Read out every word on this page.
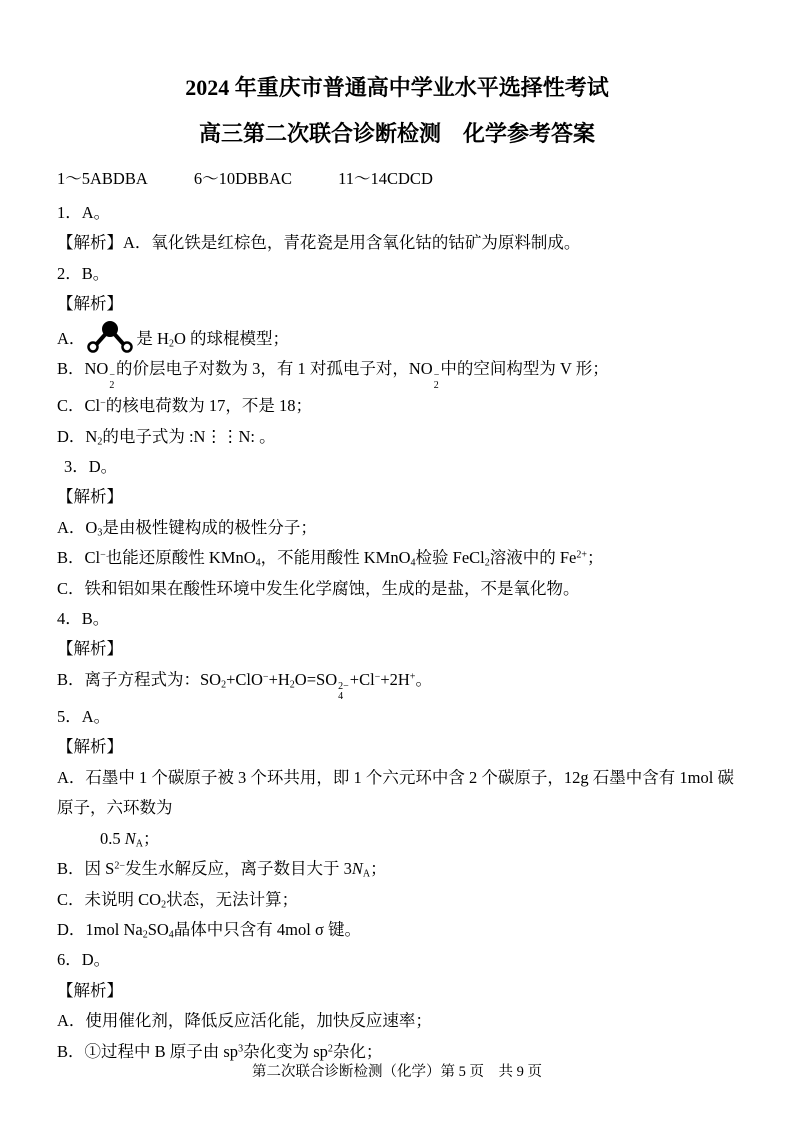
2024 年重庆市普通高中学业水平选择性考试
高三第二次联合诊断检测　化学参考答案
1～5ABDBA	6～10DBBAC	11～14CDCD

1．A。

【解析】A．氧化铁是红棕色，青花瓷是用含氧化钴的钴矿为原料制成。

2．B。

【解析】

A．	是 $H_2O$ 的球棍模型；

B．NO −
2
的价层电子对数为 3，有 1 对孤电子对，NO −
2
中的空间构型为 V 形；

C．Cl−的核电荷数为 17，不是 18；

D．$N_2$的电子式为 :N⋮⋮N: 。

3．D。

【解析】

A．$O_3$是由极性键构成的极性分子；

B．Cl−也能还原酸性 KMnO$_4$，不能用酸性 KMnO$_4$检验 FeCl$_2$溶液中的 $Fe^{2+}$；

C．铁和铝如果在酸性环境中发生化学腐蚀，生成的是盐，不是氧化物。

4．B。

【解析】

B．离子方程式为：$SO_2+ClO^-+H_2O=SO$ 2−
4
+Cl−+2H+。

5．A。

【解析】

A．石墨中 1 个碳原子被 3 个环共用，即 1 个六元环中含 2 个碳原子，12g 石墨中含有 1mol 碳原子，六环数为

0.5 $N_A$；

B．因 $S^{2-}$发生水解反应，离子数目大于 $3N_A$；

C．未说明 $CO_2$状态，无法计算；

D．1mol $Na_2SO_4$晶体中只含有 4mol σ 键。

6．D。

【解析】

A．使用催化剂，降低反应活化能，加快反应速率；

B．①过程中 B 原子由 $sp^3$杂化变为 $sp^2$杂化；

第二次联合诊断检测（化学）第 5 页　共 9 页
